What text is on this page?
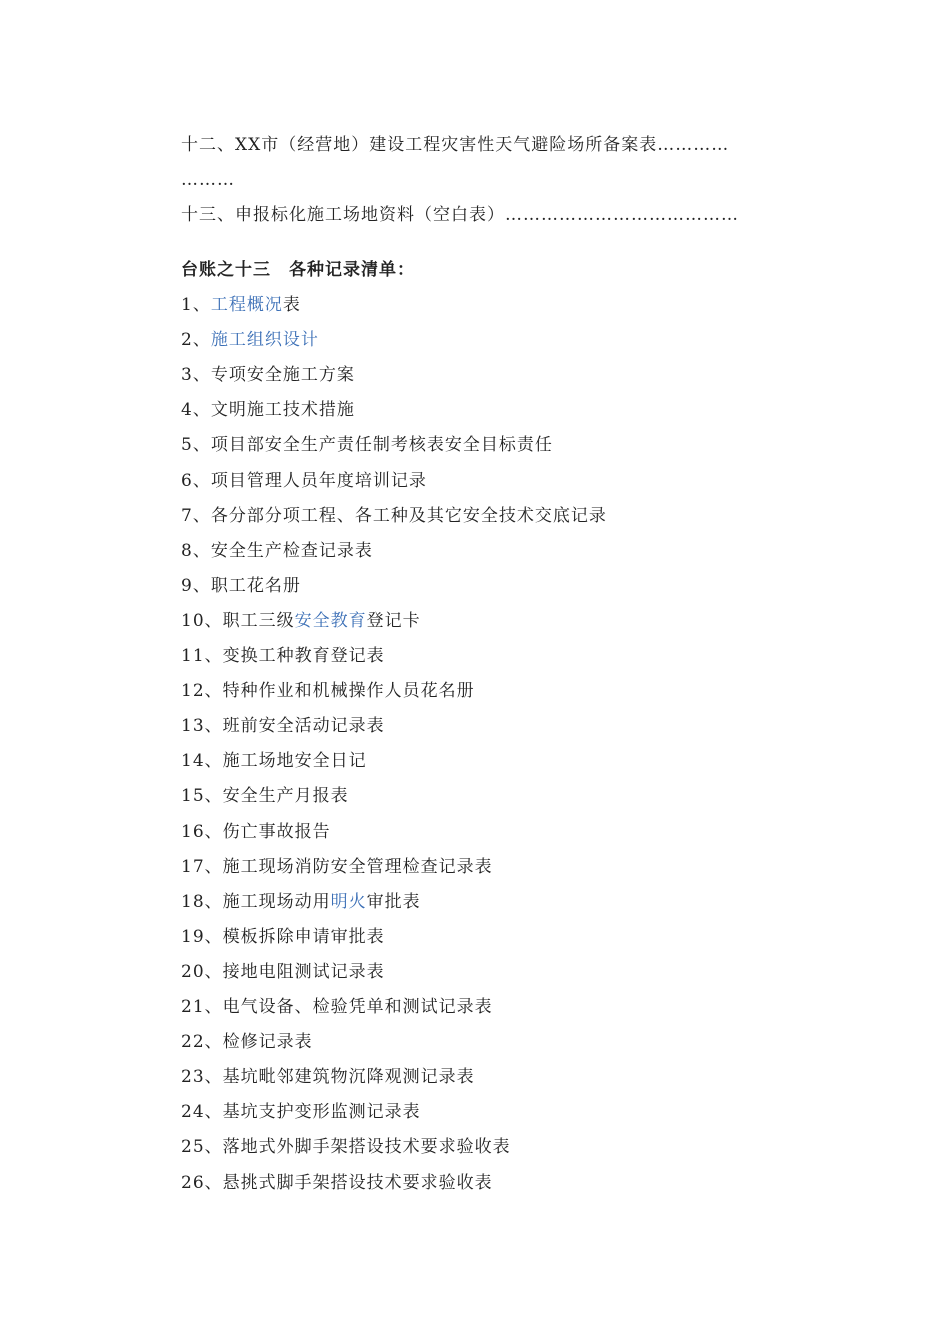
十二、XX市（经营地）建设工程灾害性天气避险场所备案表…………
………
十三、申报标化施工场地资料（空白表）…………………………………
台账之十三　各种记录清单：
1、工程概况表
2、施工组织设计
3、专项安全施工方案
4、文明施工技术措施
5、项目部安全生产责任制考核表安全目标责任
6、项目管理人员年度培训记录
7、各分部分项工程、各工种及其它安全技术交底记录
8、安全生产检查记录表
9、职工花名册
10、职工三级安全教育登记卡
11、变换工种教育登记表
12、特种作业和机械操作人员花名册
13、班前安全活动记录表
14、施工场地安全日记
15、安全生产月报表
16、伤亡事故报告
17、施工现场消防安全管理检查记录表
18、施工现场动用明火审批表
19、模板拆除申请审批表
20、接地电阻测试记录表
21、电气设备、检验凭单和测试记录表
22、检修记录表
23、基坑毗邻建筑物沉降观测记录表
24、基坑支护变形监测记录表
25、落地式外脚手架搭设技术要求验收表
26、悬挑式脚手架搭设技术要求验收表
